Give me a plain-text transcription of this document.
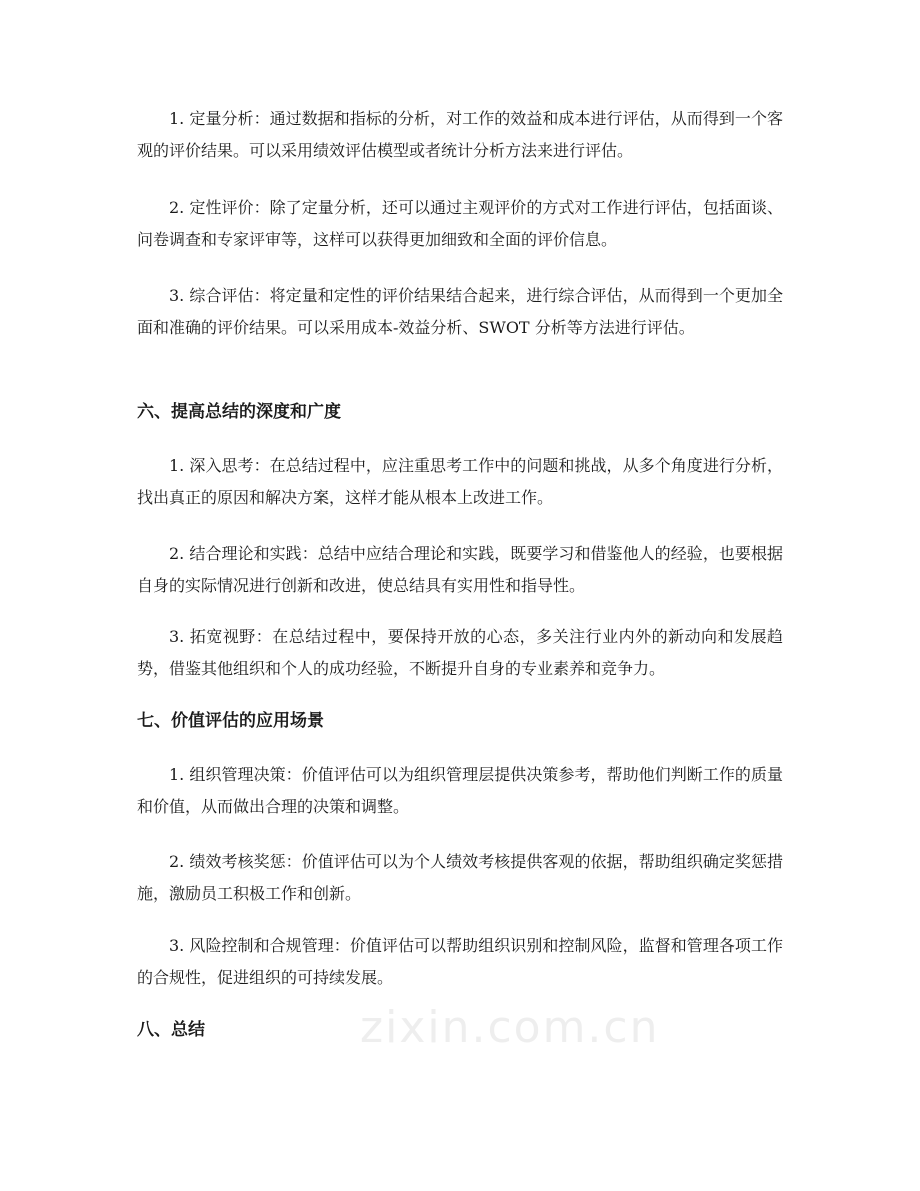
1. 定量分析：通过数据和指标的分析，对工作的效益和成本进行评估，从而得到一个客观的评价结果。可以采用绩效评估模型或者统计分析方法来进行评估。

2. 定性评价：除了定量分析，还可以通过主观评价的方式对工作进行评估，包括面谈、问卷调查和专家评审等，这样可以获得更加细致和全面的评价信息。

3. 综合评估：将定量和定性的评价结果结合起来，进行综合评估，从而得到一个更加全面和准确的评价结果。可以采用成本-效益分析、SWOT 分析等方法进行评估。

六、提高总结的深度和广度

1. 深入思考：在总结过程中，应注重思考工作中的问题和挑战，从多个角度进行分析，找出真正的原因和解决方案，这样才能从根本上改进工作。

2. 结合理论和实践：总结中应结合理论和实践，既要学习和借鉴他人的经验，也要根据自身的实际情况进行创新和改进，使总结具有实用性和指导性。

3. 拓宽视野：在总结过程中，要保持开放的心态，多关注行业内外的新动向和发展趋势，借鉴其他组织和个人的成功经验，不断提升自身的专业素养和竞争力。

七、价值评估的应用场景

1. 组织管理决策：价值评估可以为组织管理层提供决策参考，帮助他们判断工作的质量和价值，从而做出合理的决策和调整。

2. 绩效考核奖惩：价值评估可以为个人绩效考核提供客观的依据，帮助组织确定奖惩措施，激励员工积极工作和创新。

3. 风险控制和合规管理：价值评估可以帮助组织识别和控制风险，监督和管理各项工作的合规性，促进组织的可持续发展。

zixin.com.cn
八、总结
